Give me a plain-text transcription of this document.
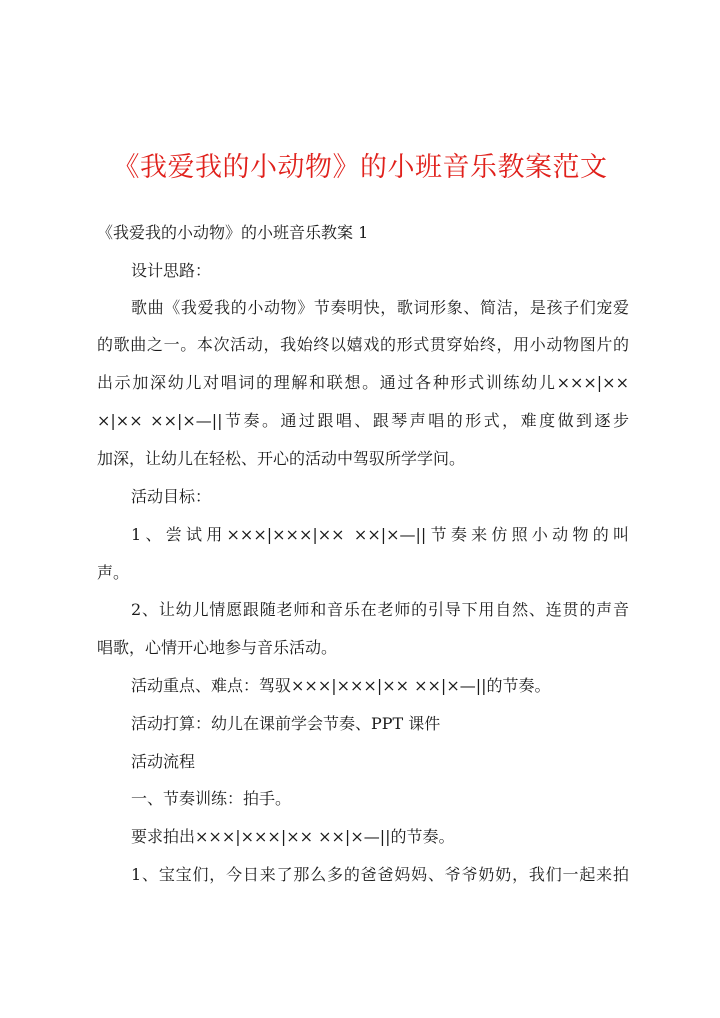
《我爱我的小动物》的小班音乐教案范文
《我爱我的小动物》的小班音乐教案 1
设计思路：
歌曲《我爱我的小动物》节奏明快，歌词形象、简洁，是孩子们宠爱
的歌曲之一。本次活动，我始终以嬉戏的形式贯穿始终，用小动物图片的
出示加深幼儿对唱词的理解和联想。通过各种形式训练幼儿×××|××
×|×× ××|×—||节奏。通过跟唱、跟琴声唱的形式，难度做到逐步
加深，让幼儿在轻松、开心的活动中驾驭所学学问。
活动目标：
1、尝试用×××|×××|×× ××|×—||节奏来仿照小动物的叫
声。
2、让幼儿情愿跟随老师和音乐在老师的引导下用自然、连贯的声音
唱歌，心情开心地参与音乐活动。
活动重点、难点：驾驭×××|×××|×× ××|×—||的节奏。
活动打算：幼儿在课前学会节奏、PPT 课件
活动流程
一、节奏训练：拍手。
要求拍出×××|×××|×× ××|×—||的节奏。
1、宝宝们，今日来了那么多的爸爸妈妈、爷爷奶奶，我们一起来拍
